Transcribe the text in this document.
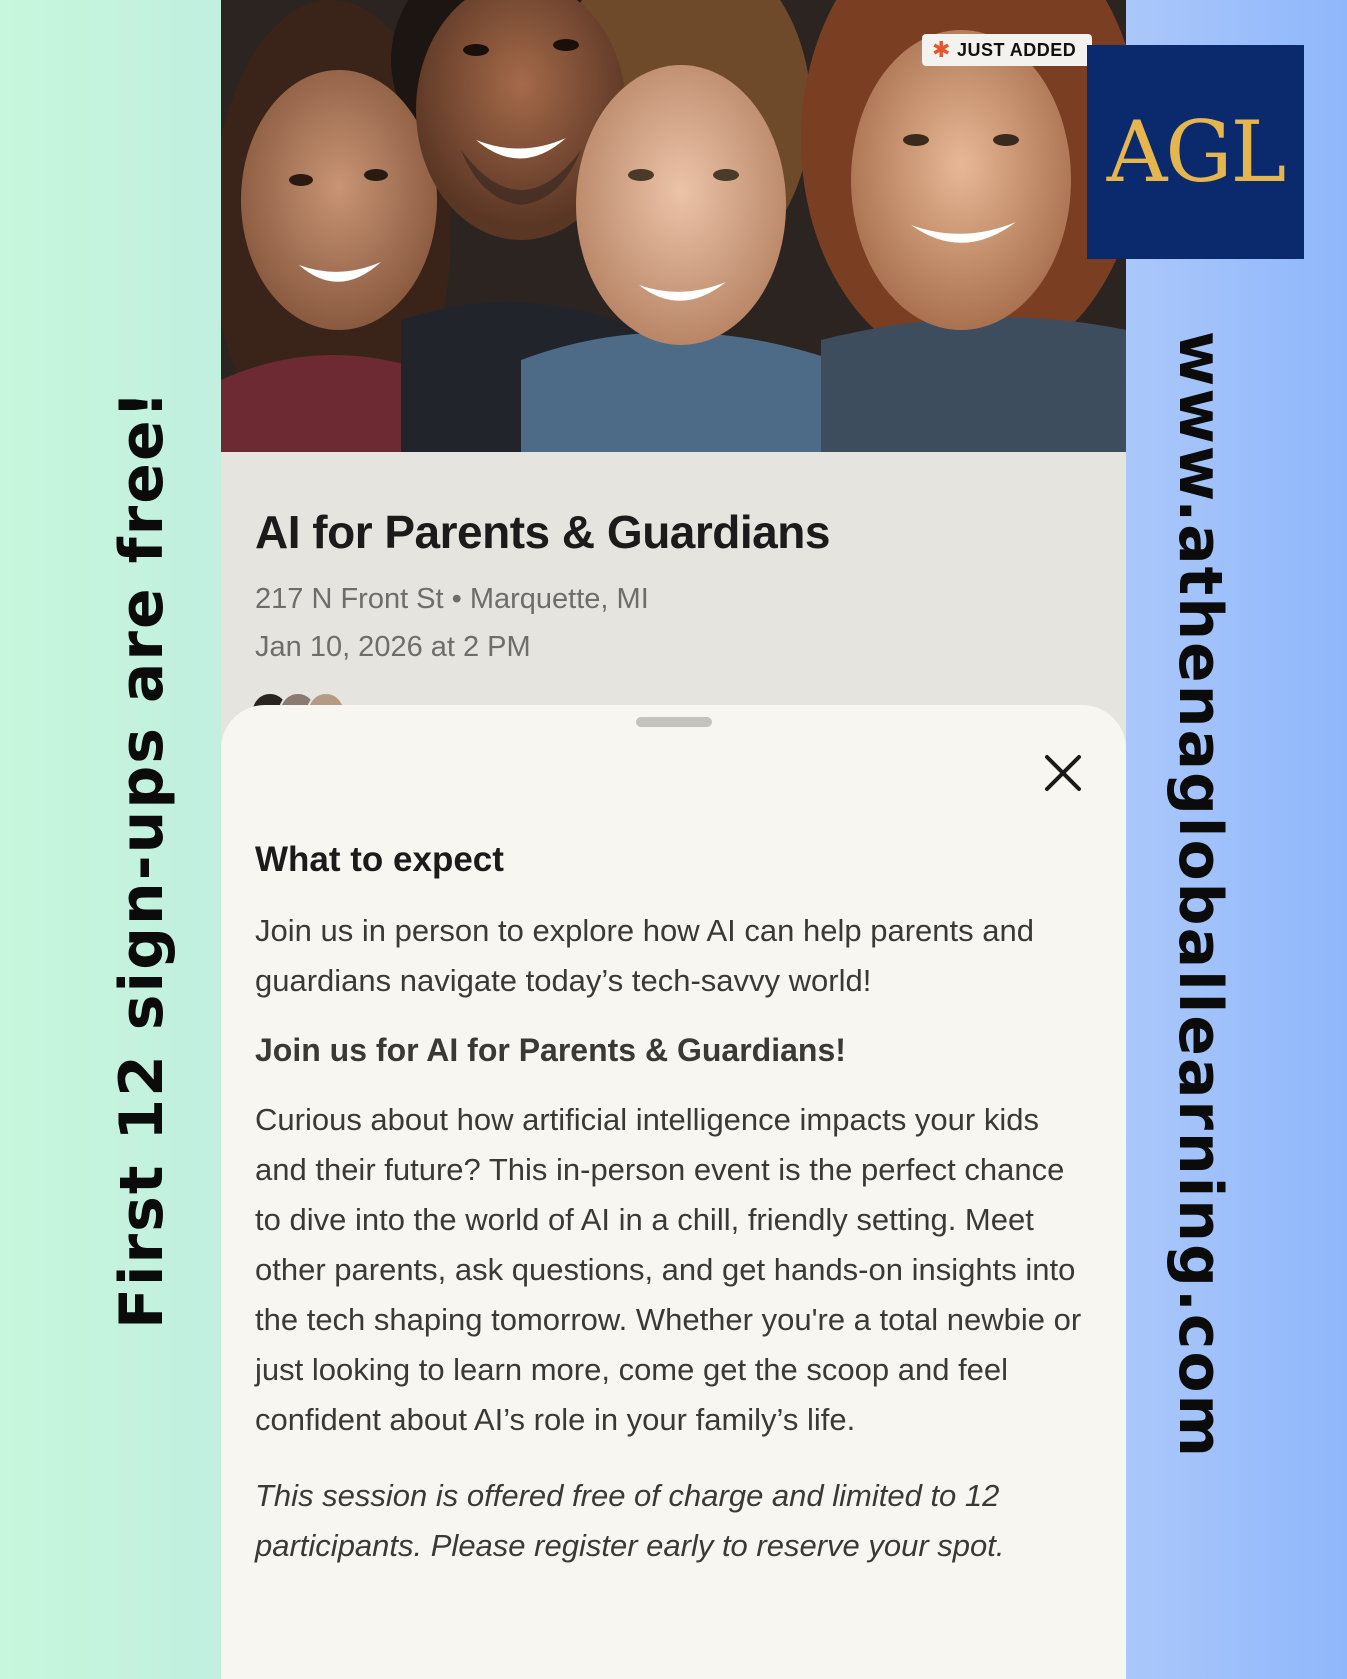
First 12 sign-ups are free!	www.athenagloballearning.com
✱ JUST ADDED
AI for Parents & Guardians
217 N Front St • Marquette, MI
Jan 10, 2026 at 2 PM
What to expect
Join us in person to explore how AI can help parents and guardians navigate today’s tech-savvy world!
Join us for AI for Parents & Guardians!
Curious about how artificial intelligence impacts your kids and their future? This in-person event is the perfect chance to dive into the world of AI in a chill, friendly setting. Meet other parents, ask questions, and get hands-on insights into the tech shaping tomorrow. Whether you're a total newbie or just looking to learn more, come get the scoop and feel confident about AI’s role in your family’s life.
This session is offered free of charge and limited to 12 participants. Please register early to reserve your spot.
AGL
